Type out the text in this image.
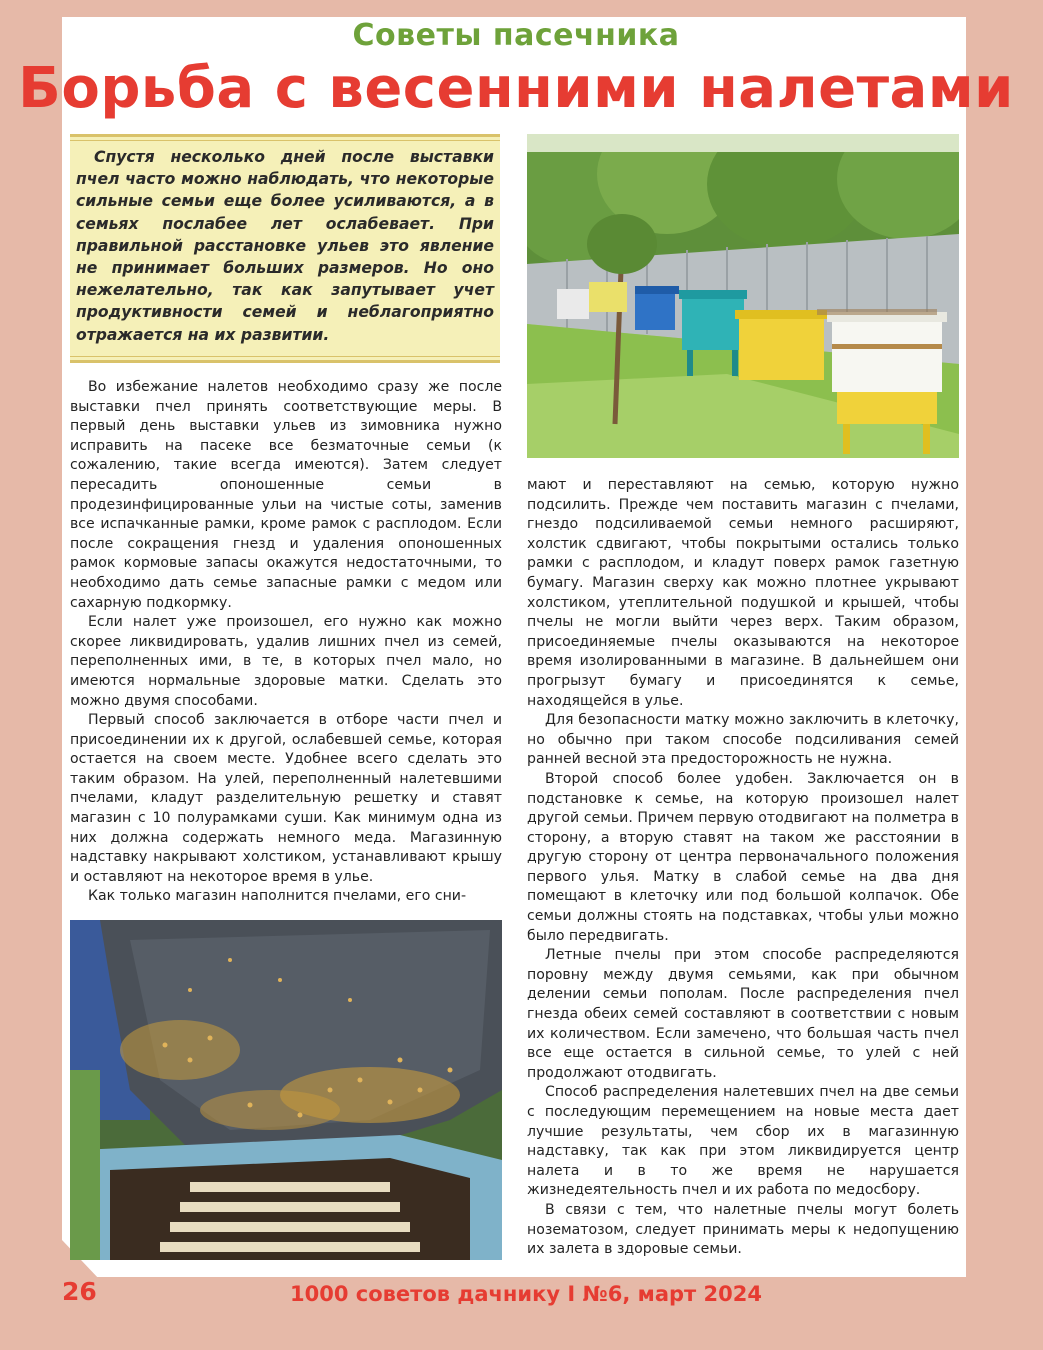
Советы пасечника
Борьба с весенними налетами
Спустя несколько дней после выставки пчел часто можно наблюдать, что некоторые сильные семьи еще более усиливаются, а в семьях послабее лет ослабевает. При правильной расстановке ульев это явление не принимает больших размеров. Но оно нежелательно, так как запутывает учет продуктивности семей и неблагоприятно отражается на их развитии.

Во избежание налетов необходимо сразу же после выставки пчел принять соответствующие меры. В первый день выставки ульев из зимовника нужно исправить на пасеке все безматочные семьи (к сожалению, такие всегда имеются). Затем следует пересадить опоношенные семьи в продезинфицированные ульи на чистые соты, заменив все испачканные рамки, кроме рамок с расплодом. Если после сокращения гнезд и удаления опоношенных рамок кормовые запасы окажутся недостаточными, то необходимо дать семье запасные рамки с медом или сахарную подкормку.

Если налет уже произошел, его нужно как можно скорее ликвидировать, удалив лишних пчел из семей, переполненных ими, в те, в которых пчел мало, но имеются нормальные здоровые матки. Сделать это можно двумя способами.

Первый способ заключается в отборе части пчел и присоединении их к другой, ослабевшей семье, которая остается на своем месте. Удобнее всего сделать это таким образом. На улей, переполненный налетевшими пчелами, кладут разделительную решетку и ставят магазин с 10 полурамками суши. Как минимум одна из них должна содержать немного меда. Магазинную надставку накрывают холстиком, устанавливают крышу и оставляют на некоторое время в улье.

Как только магазин наполнится пчелами, его сни-

мают и переставляют на семью, которую нужно подсилить. Прежде чем поставить магазин с пчелами, гнездо подсиливаемой семьи немного расширяют, холстик сдвигают, чтобы покрытыми остались только рамки с расплодом, и кладут поверх рамок газетную бумагу. Магазин сверху как можно плотнее укрывают холстиком, утеплительной подушкой и крышей, чтобы пчелы не могли выйти через верх. Таким образом, присоединяемые пчелы оказываются на некоторое время изолированными в магазине. В дальнейшем они прогрызут бумагу и присоединятся к семье, находящейся в улье.

Для безопасности матку можно заключить в клеточку, но обычно при таком способе подсиливания семей ранней весной эта предосторожность не нужна.

Второй способ более удобен. Заключается он в подстановке к семье, на которую произошел налет другой семьи. Причем первую отодвигают на полметра в сторону, а вторую ставят на таком же расстоянии в другую сторону от центра первоначального положения первого улья. Матку в слабой семье на два дня помещают в клеточку или под большой колпачок. Обе семьи должны стоять на подставках, чтобы ульи можно было передвигать.

Летные пчелы при этом способе распределяются поровну между двумя семьями, как при обычном делении семьи пополам. После распределения пчел гнезда обеих семей составляют в соответствии с новым их количеством. Если замечено, что большая часть пчел все еще остается в сильной семье, то улей с ней продолжают отодвигать.

Способ распределения налетевших пчел на две семьи с последующим перемещением на новые места дает лучшие результаты, чем сбор их в магазинную надставку, так как при этом ликвидируется центр налета и в то же время не нарушается жизнедеятельность пчел и их работа по медосбору.

В связи с тем, что налетные пчелы могут болеть нозематозом, следует принимать меры к недопущению их залета в здоровые семьи.

26	1000 советов дачнику I №6, март 2024
